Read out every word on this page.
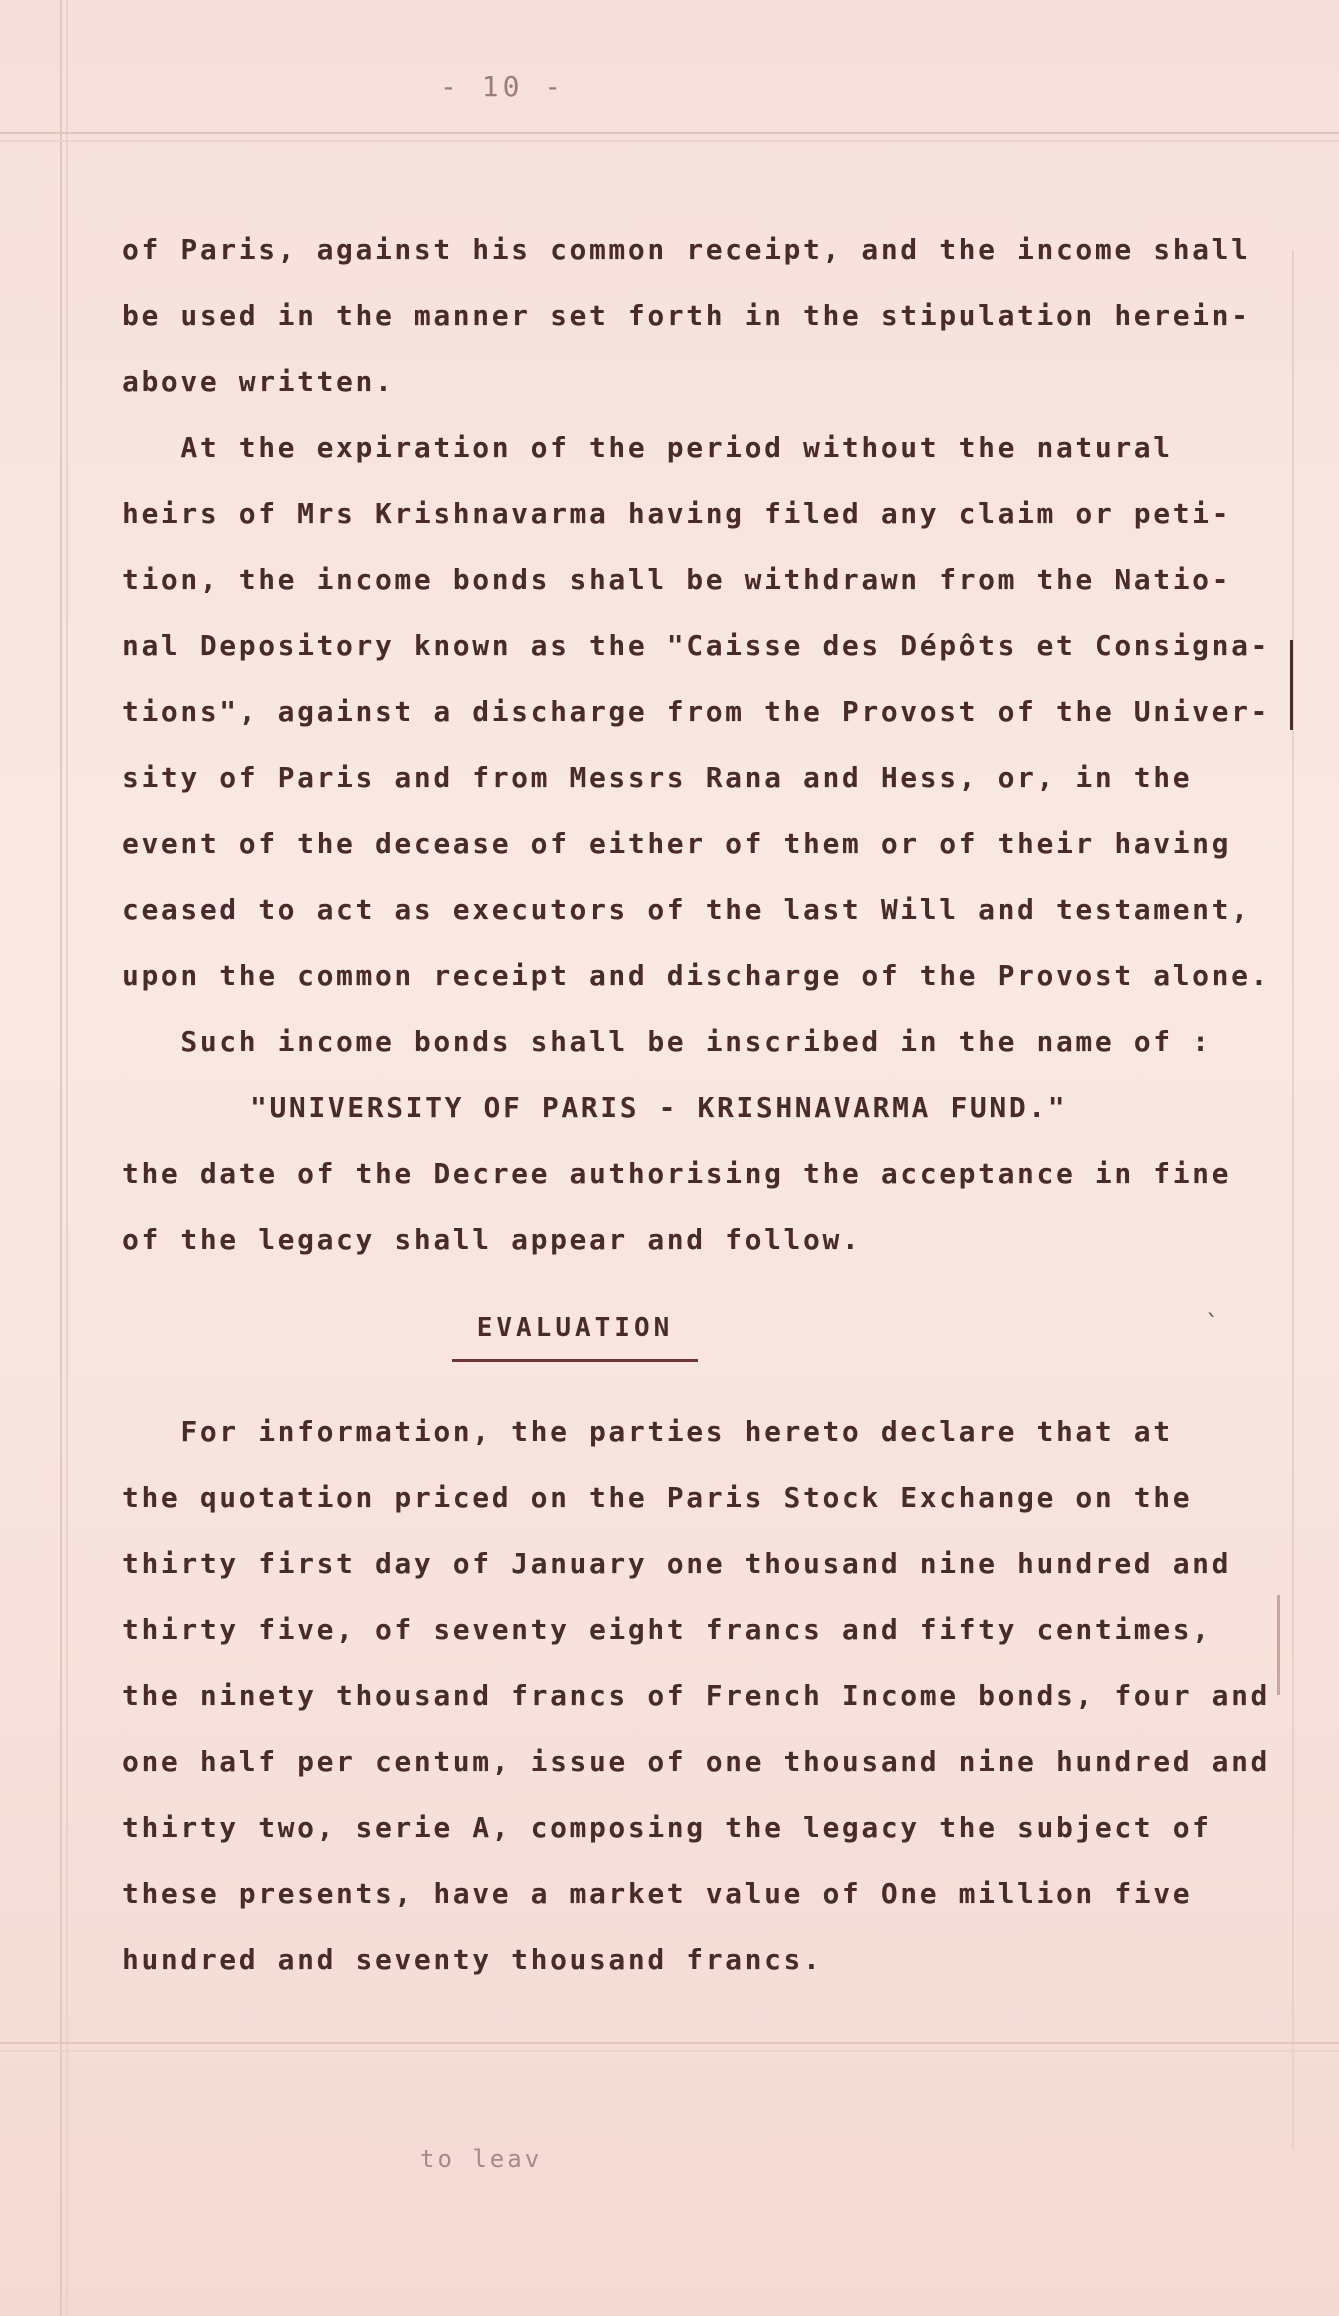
- 10 -
of Paris, against his common receipt, and the income shall
be used in the manner set forth in the stipulation herein-
above written.
At the expiration of the period without the natural
heirs of Mrs Krishnavarma having filed any claim or peti-
tion, the income bonds shall be withdrawn from the Natio-
nal Depository known as the "Caisse des Dépôts et Consigna-
tions", against a discharge from the Provost of the Univer-
sity of Paris and from Messrs Rana and Hess, or, in the
event of the decease of either of them or of their having
ceased to act as executors of the last Will and testament,
upon the common receipt and discharge of the Provost alone.
Such income bonds shall be inscribed in the name of :
"UNIVERSITY OF PARIS - KRISHNAVARMA FUND."
the date of the Decree authorising the acceptance in fine
of the legacy shall appear and follow.
EVALUATION
For information, the parties hereto declare that at
the quotation priced on the Paris Stock Exchange on the
thirty first day of January one thousand nine hundred and
thirty five, of seventy eight francs and fifty centimes,
the ninety thousand francs of French Income bonds, four and
one half per centum, issue of one thousand nine hundred and
thirty two, serie A, composing the legacy the subject of
these presents, have a market value of One million five
hundred and seventy thousand francs.
`
to leav
